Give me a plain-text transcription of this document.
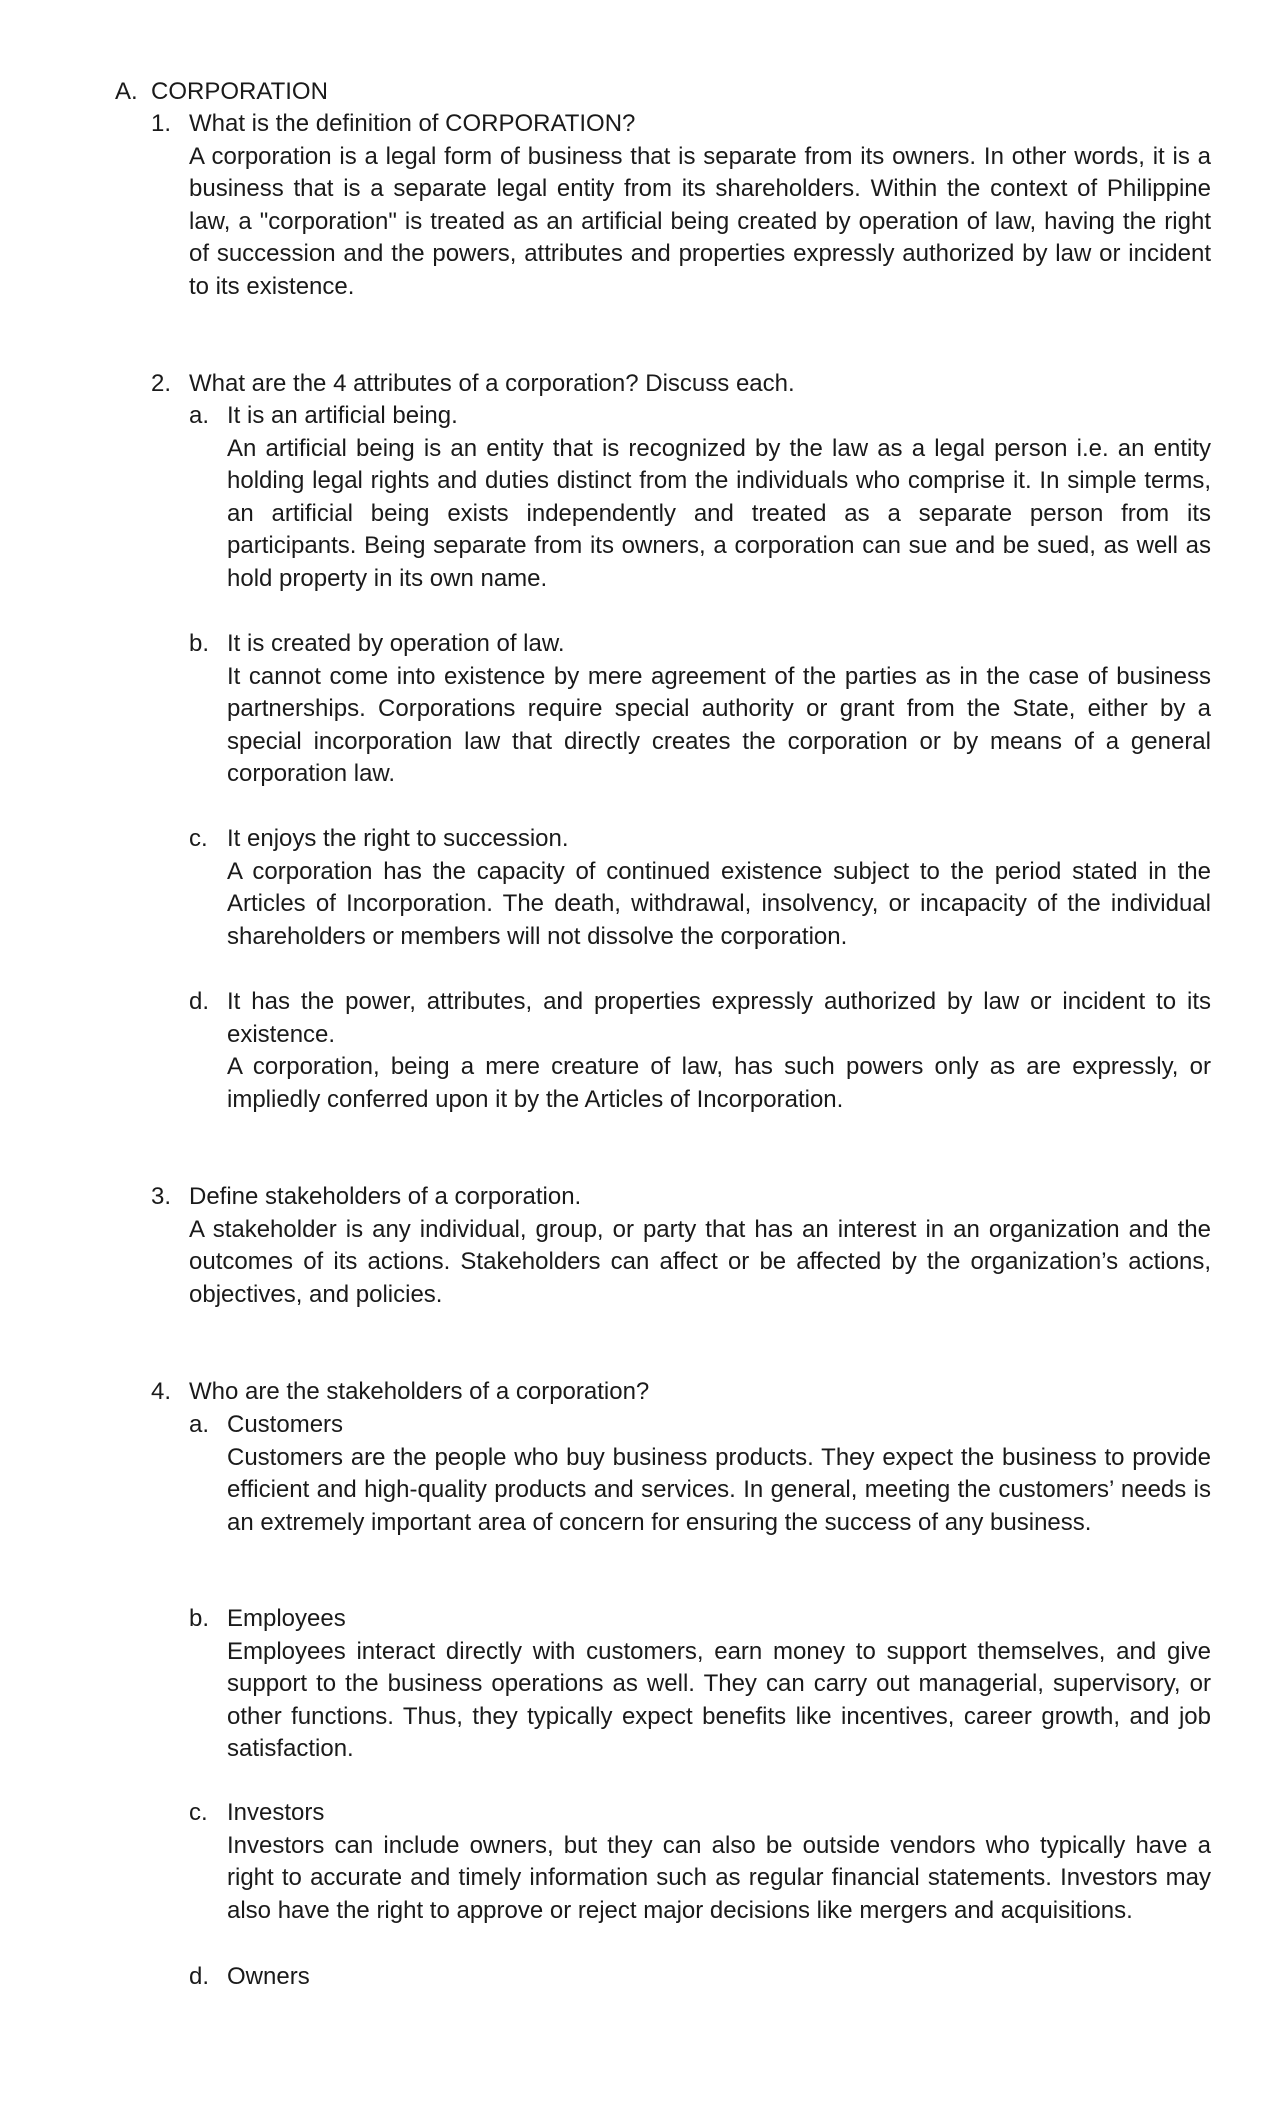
A. CORPORATION
1. What is the definition of CORPORATION?

A corporation is a legal form of business that is separate from its owners. In other words, it is a business that is a separate legal entity from its shareholders. Within the context of Philippine law, a "corporation" is treated as an artificial being created by operation of law, having the right of succession and the powers, attributes and properties expressly authorized by law or incident to its existence.

2. What are the 4 attributes of a corporation? Discuss each.
a. It is an artificial being.

An artificial being is an entity that is recognized by the law as a legal person i.e. an entity holding legal rights and duties distinct from the individuals who comprise it. In simple terms, an artificial being exists independently and treated as a separate person from its participants. Being separate from its owners, a corporation can sue and be sued, as well as hold property in its own name.

b. It is created by operation of law.

It cannot come into existence by mere agreement of the parties as in the case of business partnerships. Corporations require special authority or grant from the State, either by a special incorporation law that directly creates the corporation or by means of a general corporation law.

c. It enjoys the right to succession.

A corporation has the capacity of continued existence subject to the period stated in the Articles of Incorporation. The death, withdrawal, insolvency, or incapacity of the individual shareholders or members will not dissolve the corporation.

d. It has the power, attributes, and properties expressly authorized by law or incident to its existence.

A corporation, being a mere creature of law, has such powers only as are expressly, or impliedly conferred upon it by the Articles of Incorporation.

3. Define stakeholders of a corporation.

A stakeholder is any individual, group, or party that has an interest in an organization and the outcomes of its actions. Stakeholders can affect or be affected by the organization’s actions, objectives, and policies.

4. Who are the stakeholders of a corporation?
a. Customers

Customers are the people who buy business products. They expect the business to provide efficient and high-quality products and services. In general, meeting the customers’ needs is an extremely important area of concern for ensuring the success of any business.

b. Employees

Employees interact directly with customers, earn money to support themselves, and give support to the business operations as well. They can carry out managerial, supervisory, or other functions. Thus, they typically expect benefits like incentives, career growth, and job satisfaction.

c. Investors

Investors can include owners, but they can also be outside vendors who typically have a right to accurate and timely information such as regular financial statements. Investors may also have the right to approve or reject major decisions like mergers and acquisitions.

d. Owners
